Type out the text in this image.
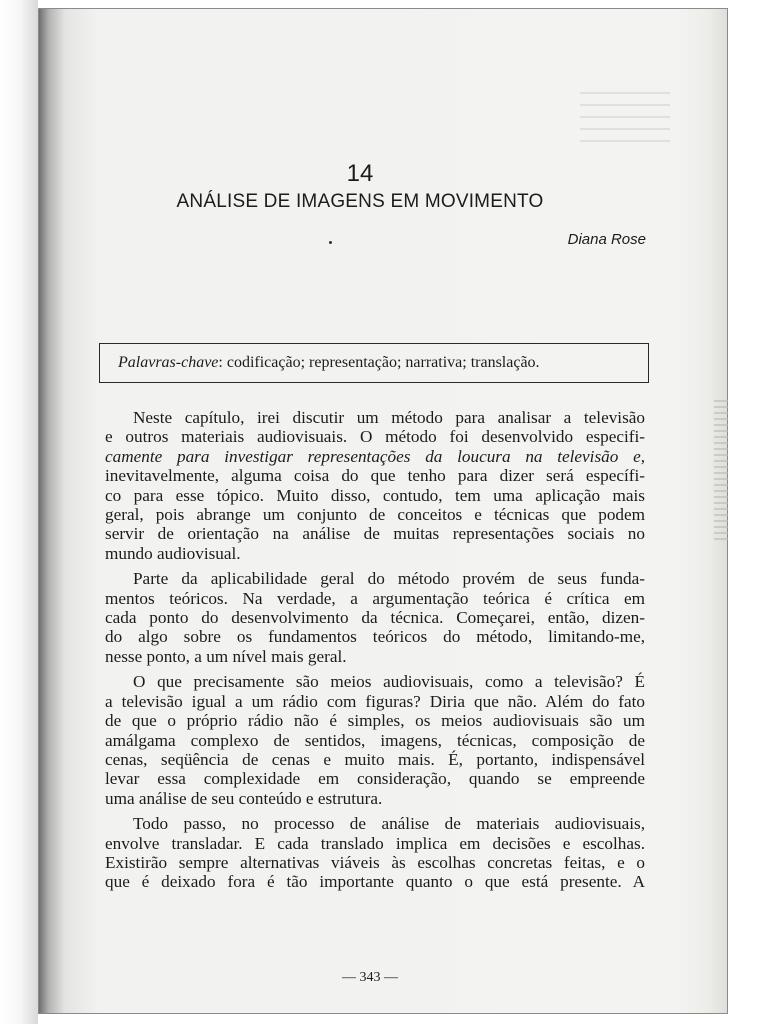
14
ANÁLISE DE IMAGENS EM MOVIMENTO
Diana Rose
Palavras-chave: codificação; representação; narrativa; translação.

Neste capítulo, irei discutir um método para analisar a televisão
e outros materiais audiovisuais. O método foi desenvolvido especifi-
camente para investigar representações da loucura na televisão e,
inevitavelmente, alguma coisa do que tenho para dizer será específi-
co para esse tópico. Muito disso, contudo, tem uma aplicação mais
geral, pois abrange um conjunto de conceitos e técnicas que podem
servir de orientação na análise de muitas representações sociais no
mundo audiovisual.

Parte da aplicabilidade geral do método provém de seus funda-
mentos teóricos. Na verdade, a argumentação teórica é crítica em
cada ponto do desenvolvimento da técnica. Começarei, então, dizen-
do algo sobre os fundamentos teóricos do método, limitando-me,
nesse ponto, a um nível mais geral.

O que precisamente são meios audiovisuais, como a televisão? É
a televisão igual a um rádio com figuras? Diria que não. Além do fato
de que o próprio rádio não é simples, os meios audiovisuais são um
amálgama complexo de sentidos, imagens, técnicas, composição de
cenas, seqüência de cenas e muito mais. É, portanto, indispensável
levar essa complexidade em consideração, quando se empreende
uma análise de seu conteúdo e estrutura.

Todo passo, no processo de análise de materiais audiovisuais,
envolve transladar. E cada translado implica em decisões e escolhas.
Existirão sempre alternativas viáveis às escolhas concretas feitas, e o
que é deixado fora é tão importante quanto o que está presente. A

— 343 —
